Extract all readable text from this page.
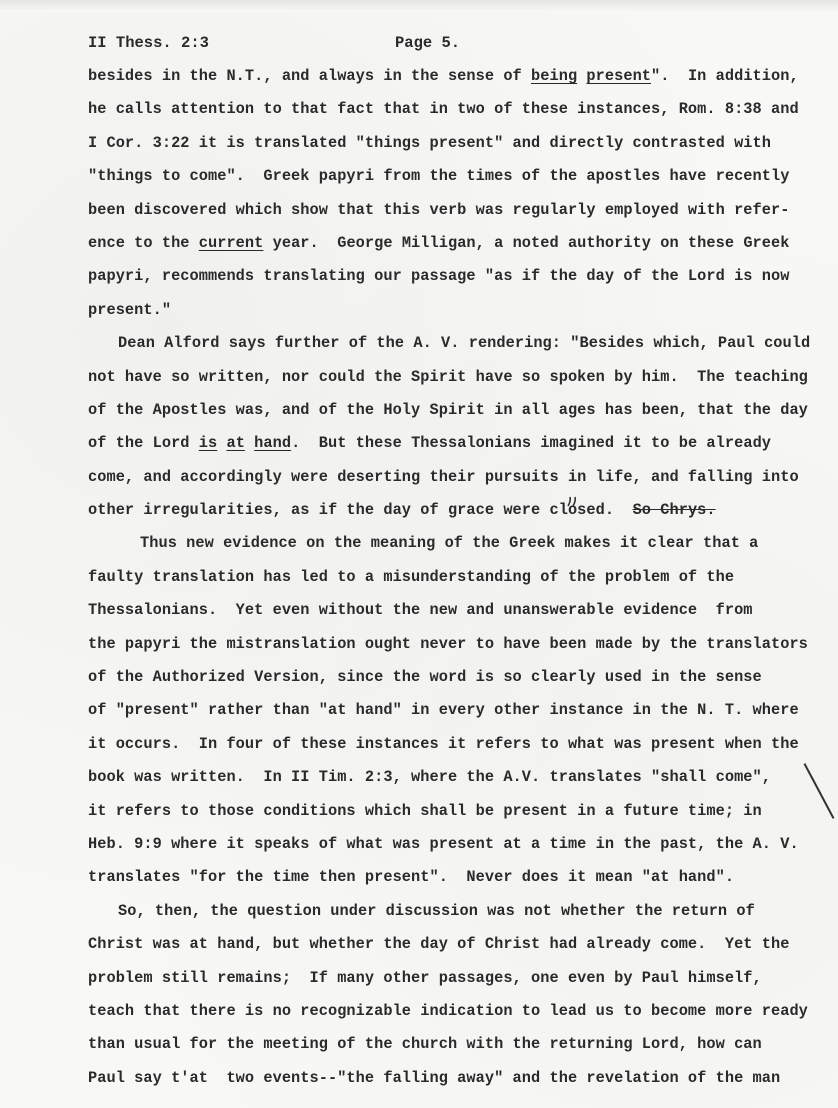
II Thess. 2:3	Page 5.
besides in the N.T., and always in the sense of being present".  In addition,
he calls attention to that fact that in two of these instances, Rom. 8:38 and
I Cor. 3:22 it is translated "things present" and directly contrasted with
"things to come".  Greek papyri from the times of the apostles have recently
been discovered which show that this verb was regularly employed with refer-
ence to the current year.  George Milligan, a noted authority on these Greek
papyri, recommends translating our passage "as if the day of the Lord is now
present."
Dean Alford says further of the A. V. rendering: "Besides which, Paul could
not have so written, nor could the Spirit have so spoken by him.  The teaching
of the Apostles was, and of the Holy Spirit in all ages has been, that the day
of the Lord is at hand.  But these Thessalonians imagined it to be already
come, and accordingly were deserting their pursuits in life, and falling into
other irregularities, as if the day of grace were closed.  So Chrys.
Thus new evidence on the meaning of the Greek makes it clear that a
faulty translation has led to a misunderstanding of the problem of the
Thessalonians.  Yet even without the new and unanswerable evidence  from
the papyri the mistranslation ought never to have been made by the translators
of the Authorized Version, since the word is so clearly used in the sense
of "present" rather than "at hand" in every other instance in the N. T. where
it occurs.  In four of these instances it refers to what was present when the
book was written.  In II Tim. 2:3, where the A.V. translates "shall come",
it refers to those conditions which shall be present in a future time; in
Heb. 9:9 where it speaks of what was present at a time in the past, the A. V.
translates "for the time then present".  Never does it mean "at hand".
So, then, the question under discussion was not whether the return of
Christ was at hand, but whether the day of Christ had already come.  Yet the
problem still remains;  If many other passages, one even by Paul himself,
teach that there is no recognizable indication to lead us to become more ready
than usual for the meeting of the church with the returning Lord, how can
Paul say t'at  two events--"the falling away" and the revelation of the man
